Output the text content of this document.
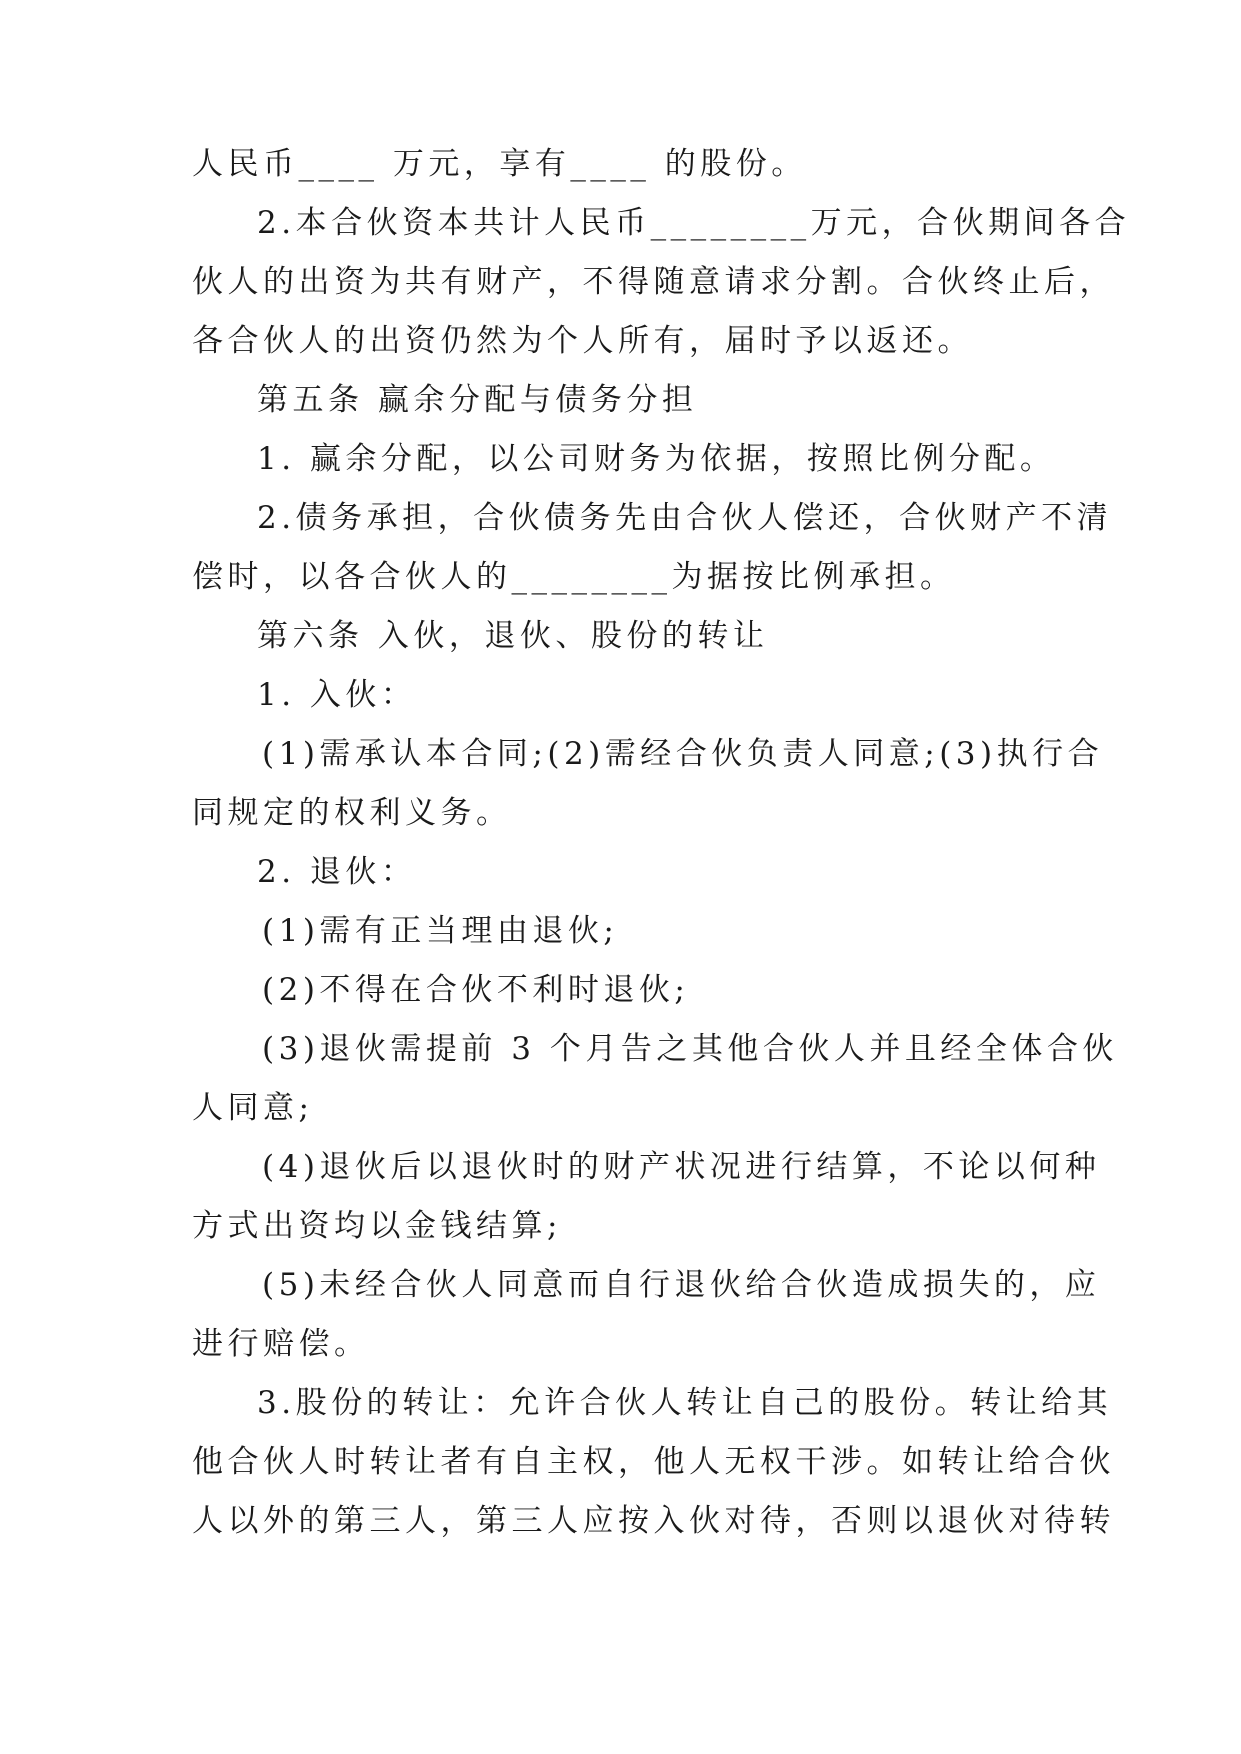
人民币____ 万元，享有____ 的股份。
2.本合伙资本共计人民币________万元，合伙期间各合
伙人的出资为共有财产，不得随意请求分割。合伙终止后，
各合伙人的出资仍然为个人所有，届时予以返还。
第五条 赢余分配与债务分担
1. 赢余分配，以公司财务为依据，按照比例分配。
2.债务承担，合伙债务先由合伙人偿还，合伙财产不清
偿时，以各合伙人的________为据按比例承担。
第六条 入伙，退伙、股份的转让
1. 入伙：
(1)需承认本合同;(2)需经合伙负责人同意;(3)执行合
同规定的权利义务。
2. 退伙：
(1)需有正当理由退伙;
(2)不得在合伙不利时退伙;
(3)退伙需提前 3 个月告之其他合伙人并且经全体合伙
人同意;
(4)退伙后以退伙时的财产状况进行结算，不论以何种
方式出资均以金钱结算;
(5)未经合伙人同意而自行退伙给合伙造成损失的，应
进行赔偿。
3.股份的转让：允许合伙人转让自己的股份。转让给其
他合伙人时转让者有自主权，他人无权干涉。如转让给合伙
人以外的第三人，第三人应按入伙对待，否则以退伙对待转
